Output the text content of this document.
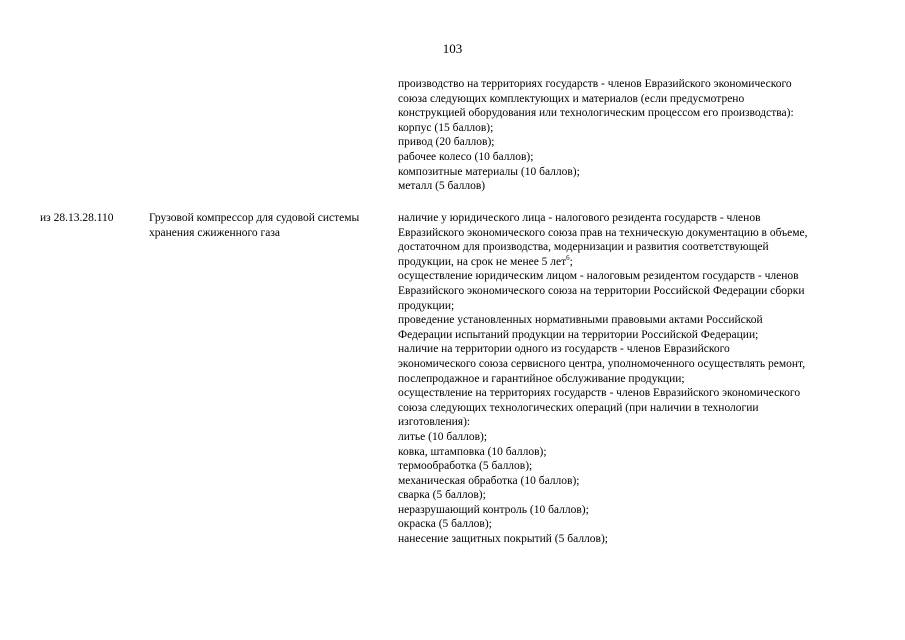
103
производство на территориях государств - членов Евразийского экономического
союза следующих комплектующих и материалов (если предусмотрено
конструкцией оборудования или технологическим процессом его производства):
корпус (15 баллов);
привод (20 баллов);
рабочее колесо (10 баллов);
композитные материалы (10 баллов);
металл (5 баллов)
из 28.13.28.110	Грузовой компрессор для судовой системы
хранения сжиженного газа
наличие у юридического лица - налогового резидента государств - членов
Евразийского экономического союза прав на техническую документацию в объеме,
достаточном для производства, модернизации и развития соответствующей
продукции, на срок не менее 5 лет$^6$;
осуществление юридическим лицом - налоговым резидентом государств - членов
Евразийского экономического союза на территории Российской Федерации сборки
продукции;
проведение установленных нормативными правовыми актами Российской
Федерации испытаний продукции на территории Российской Федерации;
наличие на территории одного из государств - членов Евразийского
экономического союза сервисного центра, уполномоченного осуществлять ремонт,
послепродажное и гарантийное обслуживание продукции;
осуществление на территориях государств - членов Евразийского экономического
союза следующих технологических операций (при наличии в технологии
изготовления):
литье (10 баллов);
ковка, штамповка (10 баллов);
термообработка (5 баллов);
механическая обработка (10 баллов);
сварка (5 баллов);
неразрушающий контроль (10 баллов);
окраска (5 баллов);
нанесение защитных покрытий (5 баллов);
